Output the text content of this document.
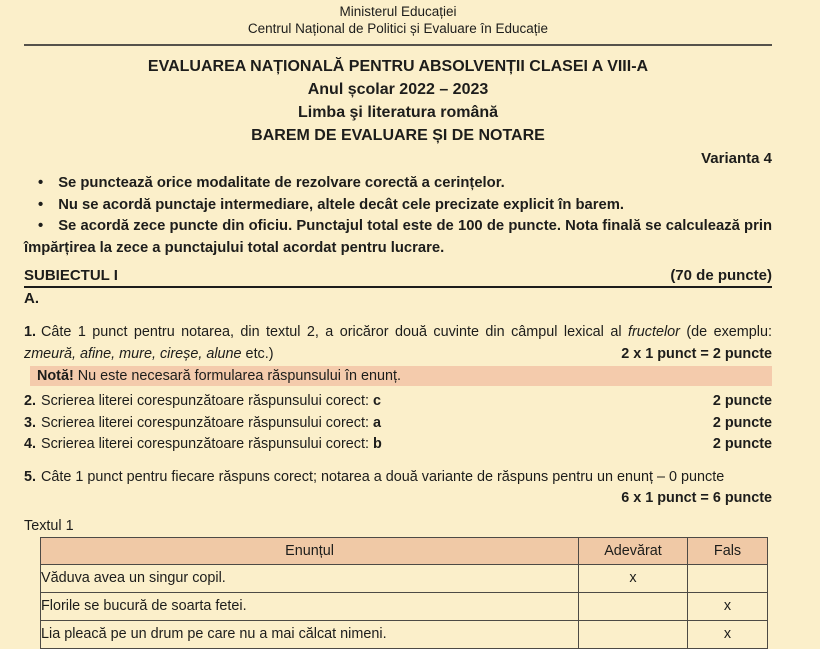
Ministerul Educației
Centrul Național de Politici și Evaluare în Educație
EVALUAREA NAȚIONALĂ PENTRU ABSOLVENȚII CLASEI A VIII-A
Anul școlar 2022 – 2023
Limba şi literatura română
BAREM DE EVALUARE ȘI DE NOTARE
Varianta 4

• Se punctează orice modalitate de rezolvare corectă a cerințelor.

• Nu se acordă punctaje intermediare, altele decât cele precizate explicit în barem.

• Se acordă zece puncte din oficiu. Punctajul total este de 100 de puncte. Nota finală se calculează prin împărțirea la zece a punctajului total acordat pentru lucrare.

SUBIECTUL I	(70 de puncte)
A.

1. Câte 1 punct pentru notarea, din textul 2, a oricăror două cuvinte din câmpul lexical al fructelor (de exemplu: zmeură, afine, mure, cireșe, alune etc.)	2 x 1 punct = 2 puncte

Notă! Nu este necesară formularea răspunsului în enunț.
2. Scrierea literei corespunzătoare răspunsului corect: c	2 puncte
3. Scrierea literei corespunzătoare răspunsului corect: a	2 puncte
4. Scrierea literei corespunzătoare răspunsului corect: b	2 puncte

5. Câte 1 punct pentru fiecare răspuns corect; notarea a două variante de răspuns pentru un enunț – 0 puncte

6 x 1 punct = 6 puncte
Textul 1
Enunțul	Adevărat	Fals
Văduva avea un singur copil.	x	
Florile se bucură de soarta fetei.		x
Lia pleacă pe un drum pe care nu a mai călcat nimeni.		x
